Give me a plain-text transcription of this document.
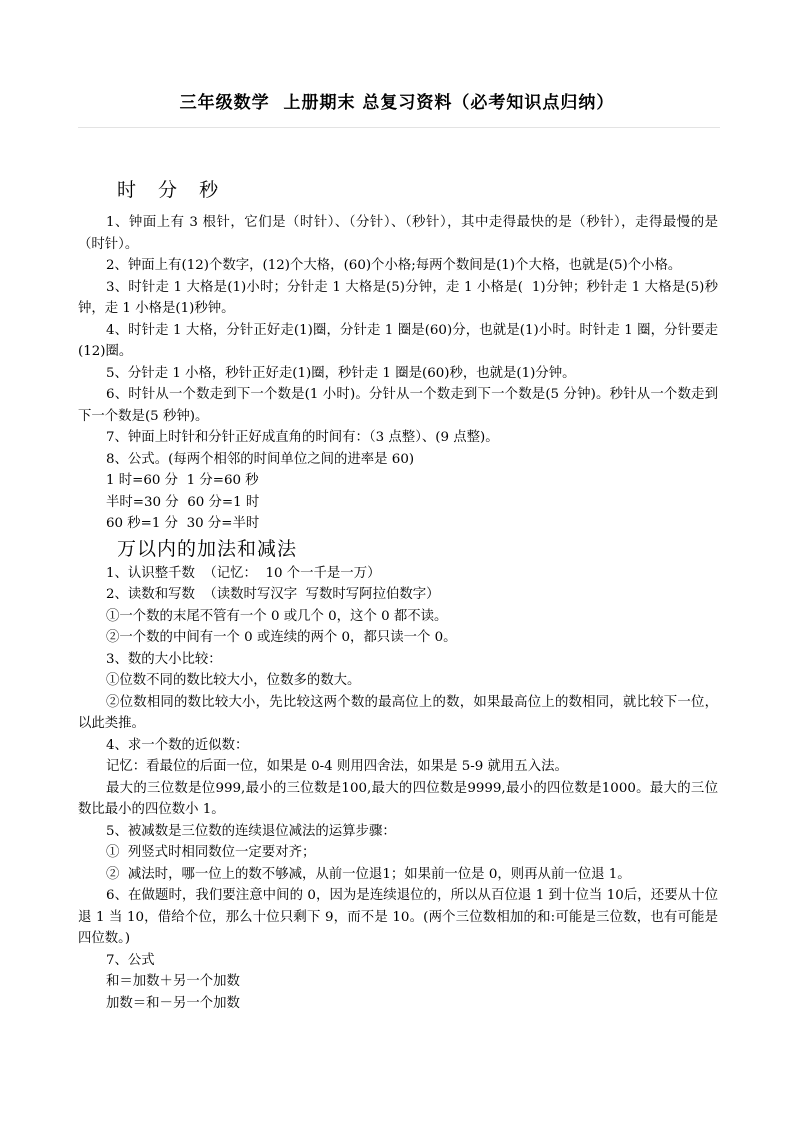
三年级数学  上册期末 总复习资料（必考知识点归纳）
时 分 秒

1、钟面上有 3 根针，它们是（时针）、（分针）、（秒针），其中走得最快的是（秒针），走得最慢的是（时针）。

2、钟面上有(12)个数字，(12)个大格，(60)个小格;每两个数间是(1)个大格，也就是(5)个小格。

3、时针走 1 大格是(1)小时；分针走 1 大格是(5)分钟，走 1 小格是(  1)分钟；秒针走 1 大格是(5)秒钟，走 1 小格是(1)秒钟。

4、时针走 1 大格，分针正好走(1)圈，分针走 1 圈是(60)分，也就是(1)小时。时针走 1 圈，分针要走(12)圈。

5、分针走 1 小格，秒针正好走(1)圈，秒针走 1 圈是(60)秒，也就是(1)分钟。

6、时针从一个数走到下一个数是(1 小时)。分针从一个数走到下一个数是(5 分钟)。秒针从一个数走到下一个数是(5 秒钟)。

7、钟面上时针和分针正好成直角的时间有：（3 点整）、(9 点整)。

8、公式。(每两个相邻的时间单位之间的进率是 60)

1 时=60 分  1 分=60 秒

半时=30 分  60 分=1 时

60 秒=1 分  30 分=半时

万以内的加法和减法

1、认识整千数  （记忆：  10 个一千是一万）

2、读数和写数  （读数时写汉字  写数时写阿拉伯数字）

①一个数的末尾不管有一个 0 或几个 0，这个 0 都不读。

②一个数的中间有一个 0 或连续的两个 0，都只读一个 0。

3、数的大小比较：

①位数不同的数比较大小，位数多的数大。

②位数相同的数比较大小，先比较这两个数的最高位上的数，如果最高位上的数相同，就比较下一位，以此类推。

4、求一个数的近似数：

记忆：看最位的后面一位，如果是 0-4 则用四舍法，如果是 5-9 就用五入法。

最大的三位数是位999,最小的三位数是100,最大的四位数是9999,最小的四位数是1000。最大的三位数比最小的四位数小 1。

5、被减数是三位数的连续退位减法的运算步骤：

①  列竖式时相同数位一定要对齐；

②  减法时，哪一位上的数不够减，从前一位退1；如果前一位是 0，则再从前一位退 1。

6、在做题时，我们要注意中间的 0，因为是连续退位的，所以从百位退 1 到十位当 10后，还要从十位退 1 当 10，借给个位，那么十位只剩下 9，而不是 10。(两个三位数相加的和:可能是三位数，也有可能是四位数。)

7、公式

和＝加数＋另一个加数

加数＝和－另一个加数
